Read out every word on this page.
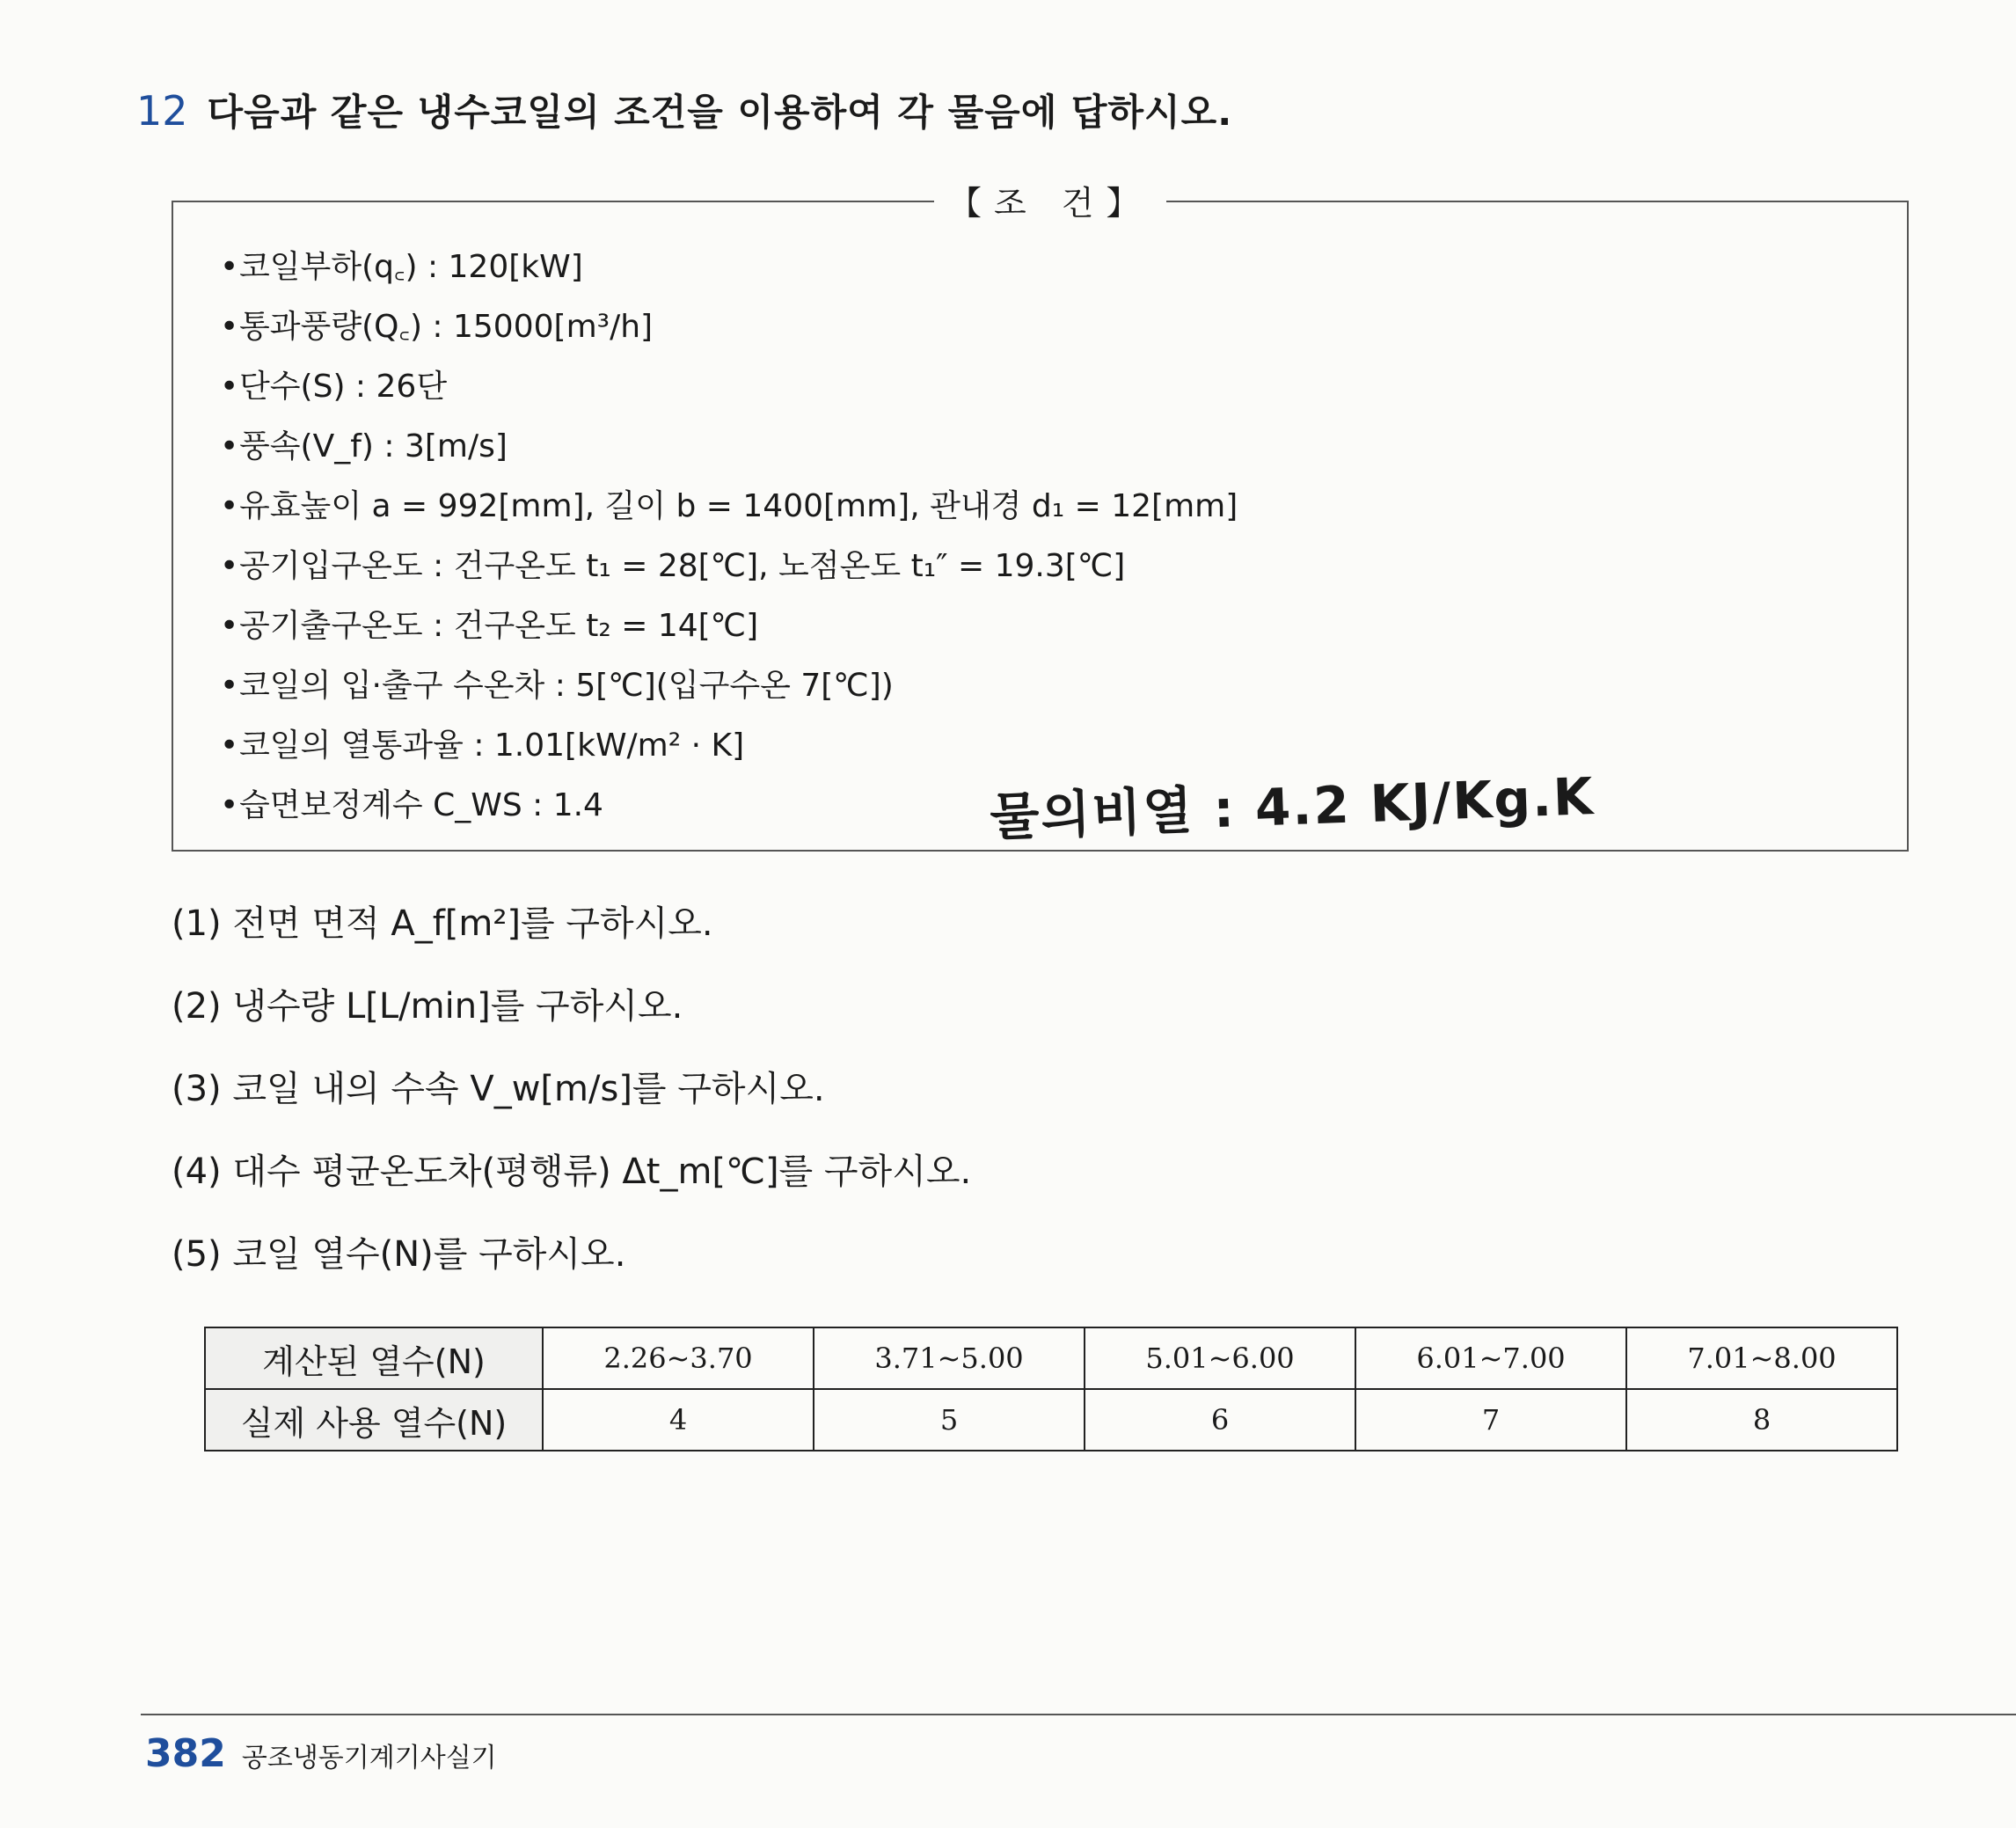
12 다음과 같은 냉수코일의 조건을 이용하여 각 물음에 답하시오.
【조 건】
•코일부하(q꜀) : 120[kW]
•통과풍량(Q꜀) : 15000[m³/h]
•단수(S) : 26단
•풍속(V_f) : 3[m/s]
•유효높이 a = 992[mm], 길이 b = 1400[mm], 관내경 d₁ = 12[mm]
•공기입구온도 : 건구온도 t₁ = 28[℃], 노점온도 t₁″ = 19.3[℃]
•공기출구온도 : 건구온도 t₂ = 14[℃]
•코일의 입·출구 수온차 : 5[℃](입구수온 7[℃])
•코일의 열통과율 : 1.01[kW/m² · K]
•습면보정계수 C_WS : 1.4	물의비열 : 4.2 KJ/Kg.K
(1) 전면 면적 A_f[m²]를 구하시오.
(2) 냉수량 L[L/min]를 구하시오.
(3) 코일 내의 수속 V_w[m/s]를 구하시오.
(4) 대수 평균온도차(평행류) Δt_m[℃]를 구하시오.
(5) 코일 열수(N)를 구하시오.
계산된 열수(N)	2.26~3.70	3.71~5.00	5.01~6.00	6.01~7.00	7.01~8.00
실제 사용 열수(N)	4	5	6	7	8
382 공조냉동기계기사실기
